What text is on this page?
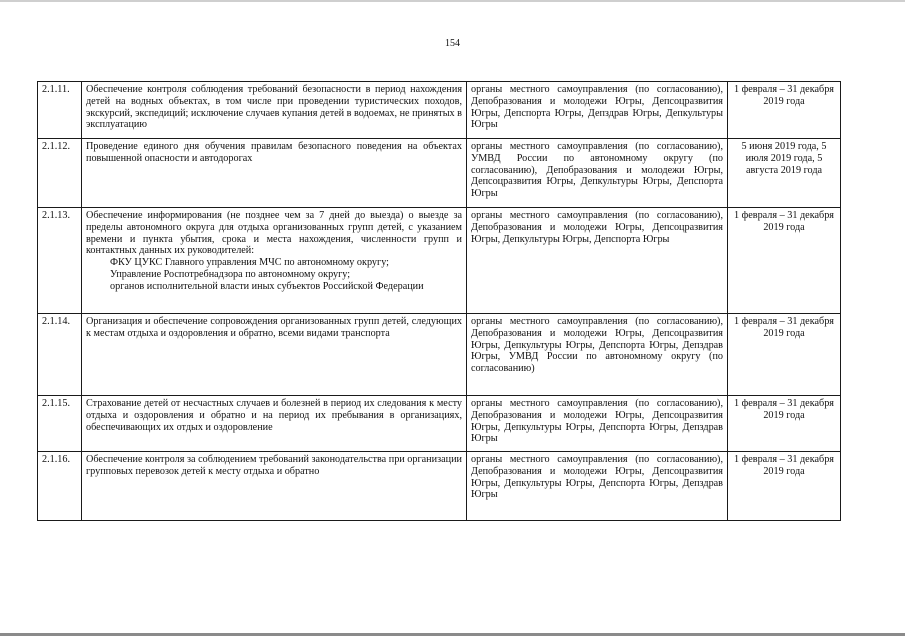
154
2.1.11.	Обеспечение контроля соблюдения требований безопасности в период нахождения детей на водных объектах, в том числе при проведении туристических походов, экскурсий, экспедиций; исключение случаев купания детей в водоемах, не принятых в эксплуатацию	органы местного самоуправления (по согласованию), Депобразования и молодежи Югры, Депсоцразвития Югры, Депспорта Югры, Депздрав Югры, Депкультуры Югры	1 февраля – 31 декабря 2019 года
2.1.12.	Проведение единого дня обучения правилам безопасного поведения на объектах повышенной опасности и автодорогах	органы местного самоуправления (по согласованию), УМВД России по автономному округу (по согласованию), Депобразования и молодежи Югры, Депсоцразвития Югры, Депкультуры Югры, Депспорта Югры	5 июня 2019 года, 5 июля 2019 года, 5 августа 2019 года
2.1.13.	Обеспечение информирования (не позднее чем за 7 дней до выезда) о выезде за пределы автономного округа для отдыха организованных групп детей, с указанием времени и пункта убытия, срока и места нахождения, численности групп и контактных данных их руководителей:
ФКУ ЦУКС Главного управления МЧС по автономному округу;
Управление Роспотребнадзора по автономному округу;
органов исполнительной власти иных субъектов Российской Федерации	органы местного самоуправления (по согласованию), Депобразования и молодежи Югры, Депсоцразвития Югры, Депкультуры Югры, Депспорта Югры	1 февраля – 31 декабря 2019 года
2.1.14.	Организация и обеспечение сопровождения организованных групп детей, следующих к местам отдыха и оздоровления и обратно, всеми видами транспорта	органы местного самоуправления (по согласованию), Депобразования и молодежи Югры, Депсоцразвития Югры, Депкультуры Югры, Депспорта Югры, Депздрав Югры, УМВД России по автономному округу (по согласованию)	1 февраля – 31 декабря 2019 года
2.1.15.	Страхование детей от несчастных случаев и болезней в период их следования к месту отдыха и оздоровления и обратно и на период их пребывания в организациях, обеспечивающих их отдых и оздоровление	органы местного самоуправления (по согласованию), Депобразования и молодежи Югры, Депсоцразвития Югры, Депкультуры Югры, Депспорта Югры, Депздрав Югры	1 февраля – 31 декабря 2019 года
2.1.16.	Обеспечение контроля за соблюдением требований законодательства при организации групповых перевозок детей к месту отдыха и обратно	органы местного самоуправления (по согласованию), Депобразования и молодежи Югры, Депсоцразвития Югры, Депкультуры Югры, Депспорта Югры, Депздрав Югры	1 февраля – 31 декабря 2019 года
